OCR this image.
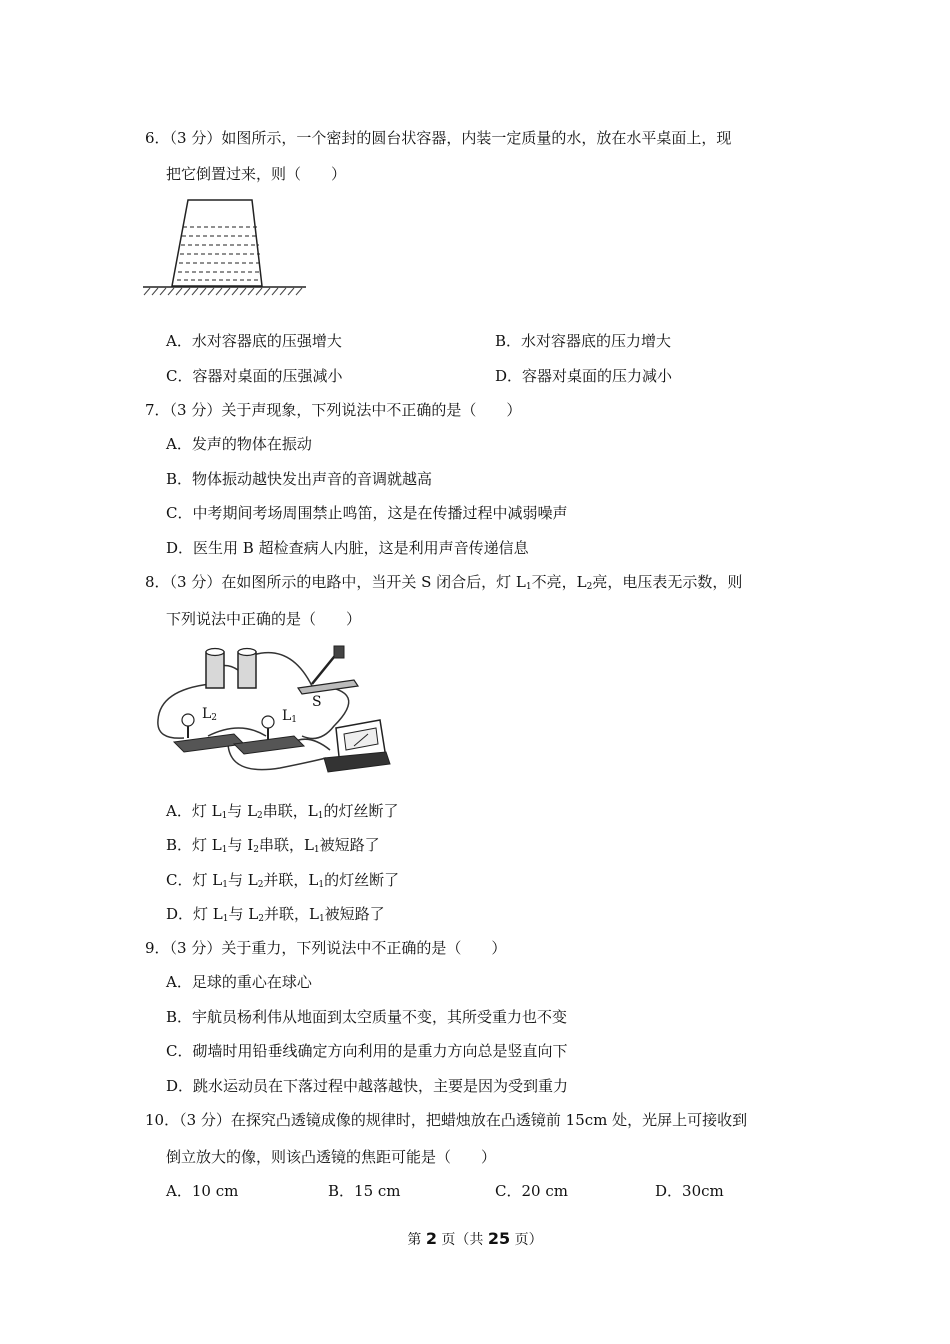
6．（3 分）如图所示，一个密封的圆台状容器，内装一定质量的水，放在水平桌面上，现
把它倒置过来，则（　　）
A．水对容器底的压强增大	B．水对容器底的压力增大
C．容器对桌面的压强减小	D．容器对桌面的压力减小
7．（3 分）关于声现象，下列说法中不正确的是（　　）
A．发声的物体在振动
B．物体振动越快发出声音的音调就越高
C．中考期间考场周围禁止鸣笛，这是在传播过程中减弱噪声
D．医生用 B 超检查病人内脏，这是利用声音传递信息
8．（3 分）在如图所示的电路中，当开关 S 闭合后，灯 $L_1$不亮，$L_2$亮，电压表无示数，则
下列说法中正确的是（　　）
$L_2$	$L_1$
S
A．灯 $L_1$与 $L_2$串联，$L_1$的灯丝断了
B．灯 $L_1$与 $I_2$串联，$L_1$被短路了
C．灯 $L_1$与 $L_2$并联，$L_1$的灯丝断了
D．灯 $L_1$与 $L_2$并联，$L_1$被短路了
9．（3 分）关于重力，下列说法中不正确的是（　　）
A．足球的重心在球心
B．宇航员杨利伟从地面到太空质量不变，其所受重力也不变
C．砌墙时用铅垂线确定方向利用的是重力方向总是竖直向下
D．跳水运动员在下落过程中越落越快，主要是因为受到重力
10．（3 分）在探究凸透镜成像的规律时，把蜡烛放在凸透镜前 15cm 处，光屏上可接收到
倒立放大的像，则该凸透镜的焦距可能是（　　）
A．10 cm	B．15 cm	C．20 cm	D．30cm
第 2 页（共 25 页）
